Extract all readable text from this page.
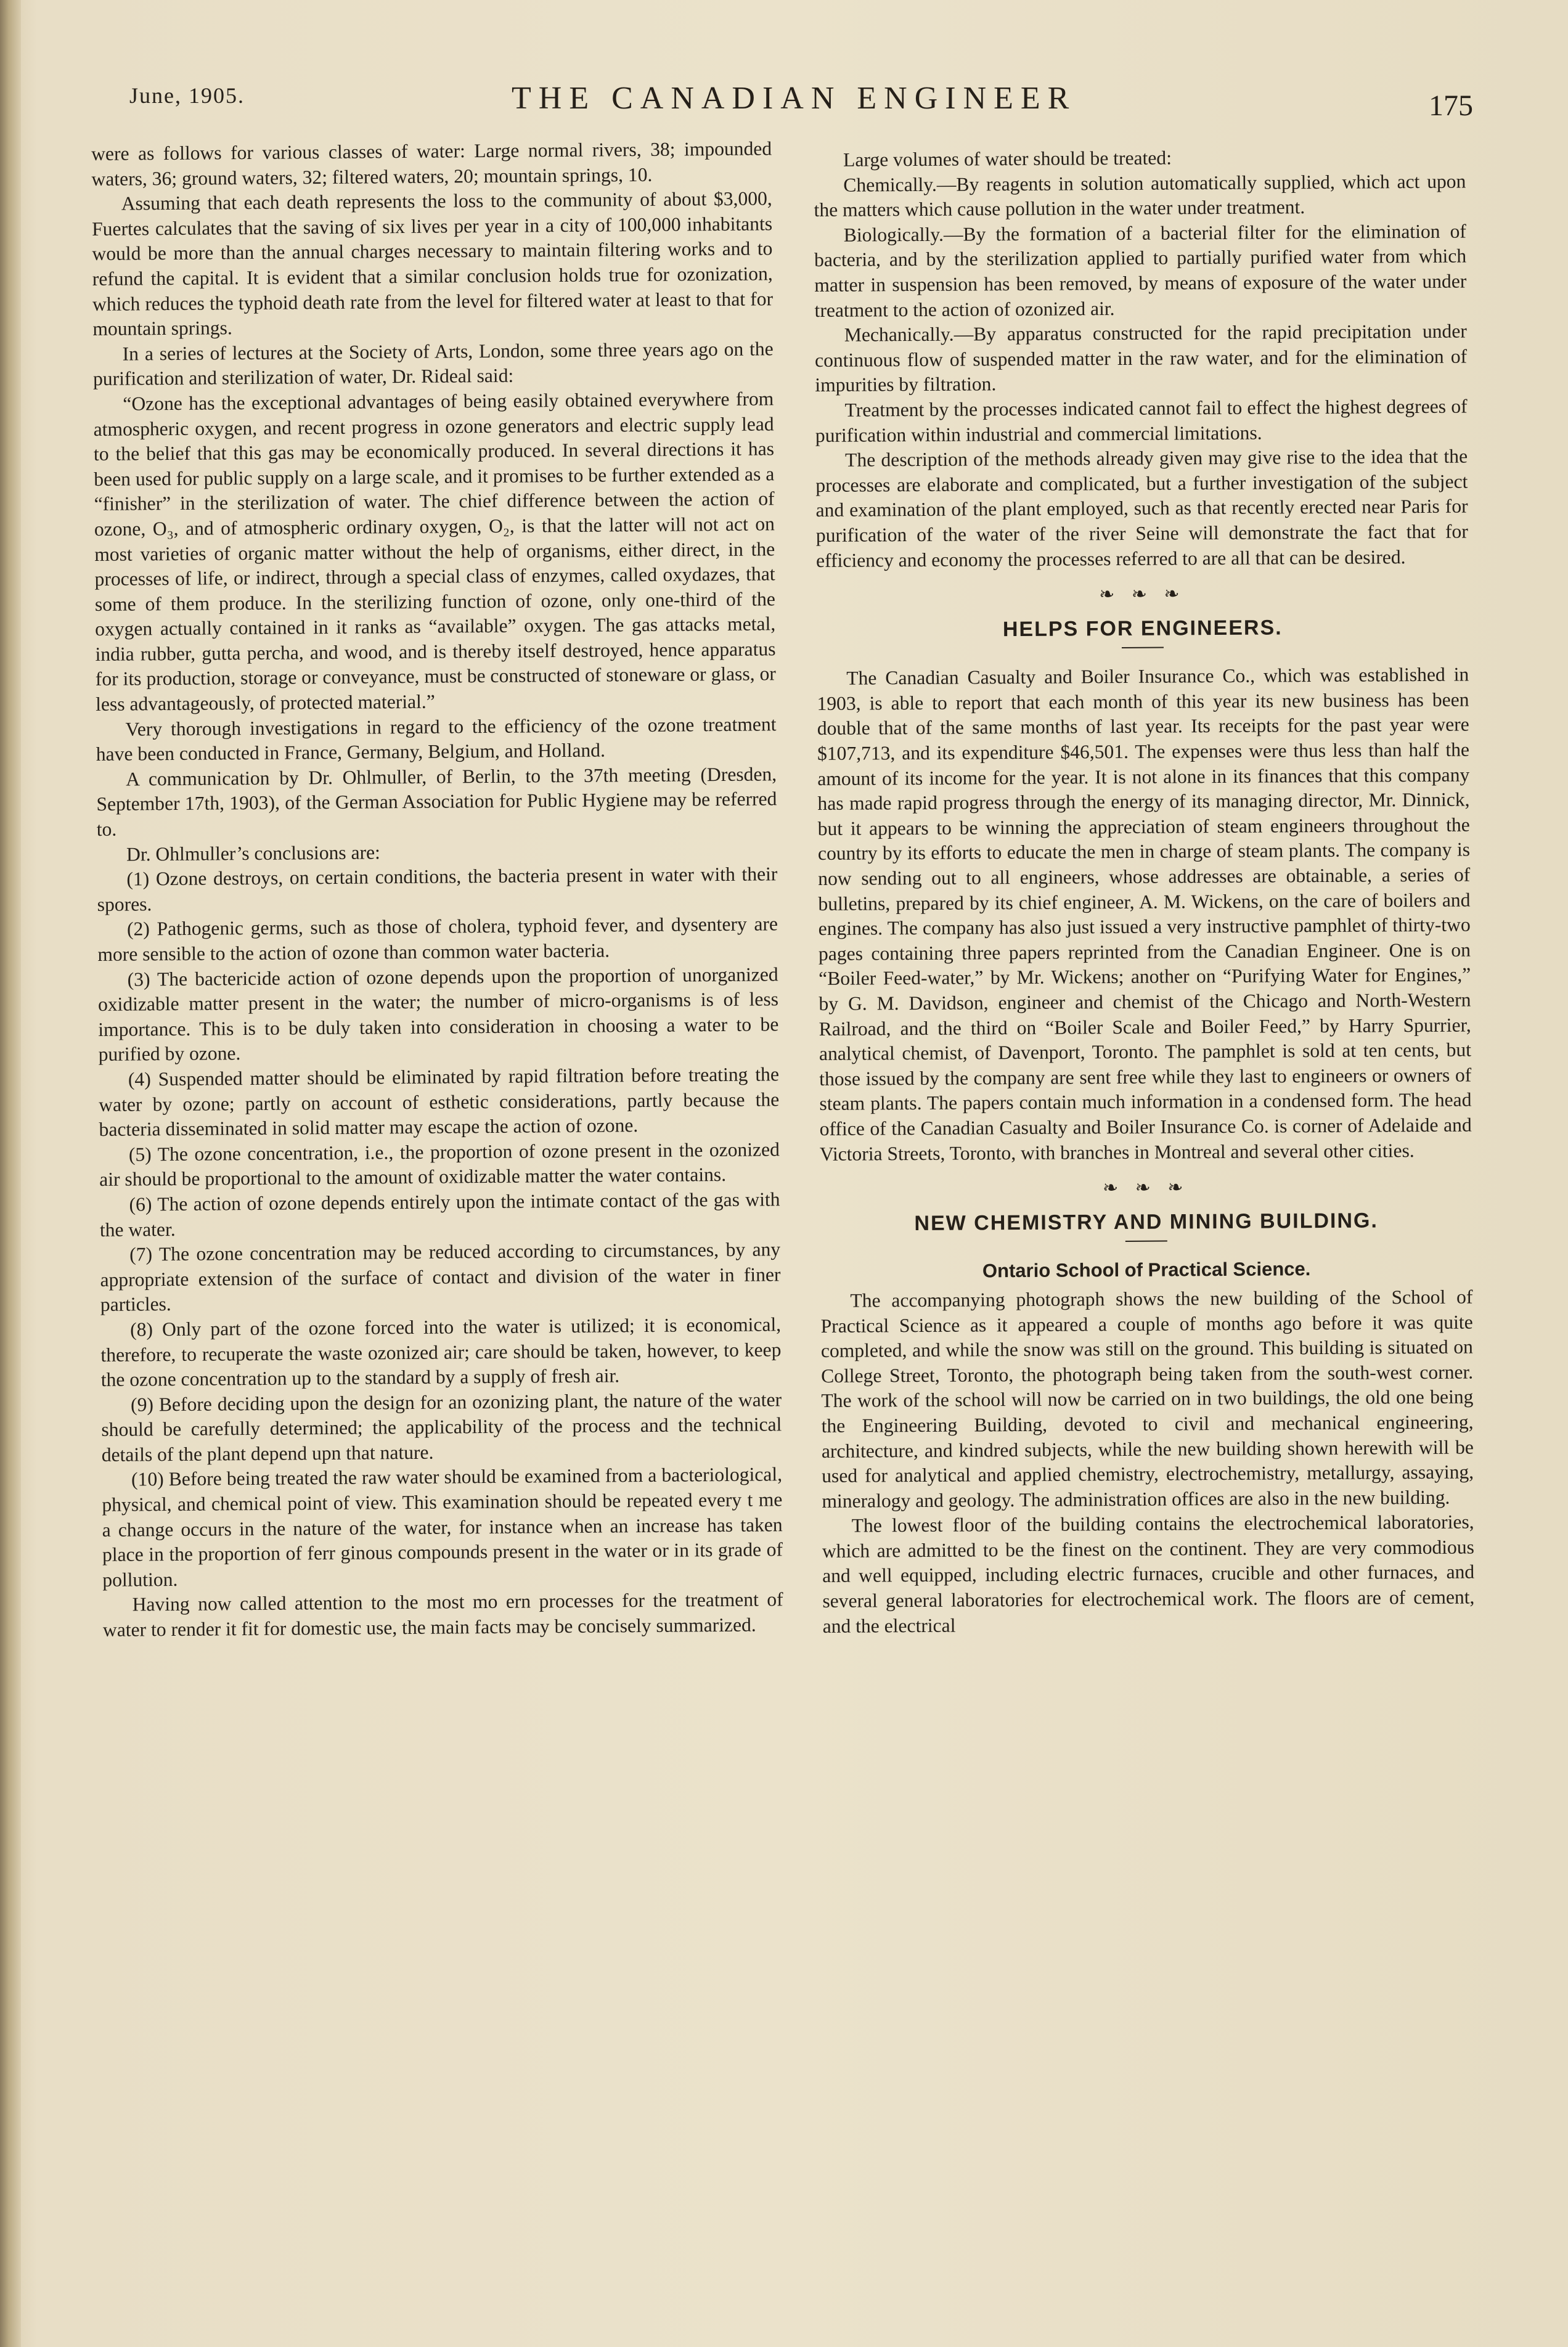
June, 1905.	THE CANADIAN ENGINEER	175

were as follows for various classes of water: Large normal rivers, 38; impounded waters, 36; ground waters, 32; filtered waters, 20; mountain springs, 10.

Assuming that each death represents the loss to the community of about $3,000, Fuertes calculates that the saving of six lives per year in a city of 100,000 inhabitants would be more than the annual charges necessary to maintain filtering works and to refund the capital. It is evident that a similar conclusion holds true for ozonization, which reduces the typhoid death rate from the level for filtered water at least to that for mountain springs.

In a series of lectures at the Society of Arts, London, some three years ago on the purification and sterilization of water, Dr. Rideal said:

“Ozone has the exceptional advantages of being easily obtained everywhere from atmospheric oxygen, and recent progress in ozone generators and electric supply lead to the belief that this gas may be economically produced. In several directions it has been used for public supply on a large scale, and it promises to be further extended as a “finisher” in the sterilization of water. The chief difference between the action of ozone, O₃, and of atmospheric ordinary oxygen, O₂, is that the latter will not act on most varieties of organic matter without the help of organisms, either direct, in the processes of life, or indirect, through a special class of enzymes, called oxydazes, that some of them produce. In the sterilizing function of ozone, only one-third of the oxygen actually contained in it ranks as “available” oxygen. The gas attacks metal, india rubber, gutta percha, and wood, and is thereby itself destroyed, hence apparatus for its production, storage or conveyance, must be constructed of stoneware or glass, or less advantageously, of protected material.”

Very thorough investigations in regard to the efficiency of the ozone treatment have been conducted in France, Germany, Belgium, and Holland.

A communication by Dr. Ohlmuller, of Berlin, to the 37th meeting (Dresden, September 17th, 1903), of the German Association for Public Hygiene may be referred to.

Dr. Ohlmuller’s conclusions are:

(1) Ozone destroys, on certain conditions, the bacteria present in water with their spores.

(2) Pathogenic germs, such as those of cholera, typhoid fever, and dysentery are more sensible to the action of ozone than common water bacteria.

(3) The bactericide action of ozone depends upon the proportion of unorganized oxidizable matter present in the water; the number of micro-organisms is of less importance. This is to be duly taken into consideration in choosing a water to be purified by ozone.

(4) Suspended matter should be eliminated by rapid filtration before treating the water by ozone; partly on account of esthetic considerations, partly because the bacteria disseminated in solid matter may escape the action of ozone.

(5) The ozone concentration, i.e., the proportion of ozone present in the ozonized air should be proportional to the amount of oxidizable matter the water contains.

(6) The action of ozone depends entirely upon the intimate contact of the gas with the water.

(7) The ozone concentration may be reduced according to circumstances, by any appropriate extension of the surface of contact and division of the water in finer particles.

(8) Only part of the ozone forced into the water is utilized; it is economical, therefore, to recuperate the waste ozonized air; care should be taken, however, to keep the ozone concentration up to the standard by a supply of fresh air.

(9) Before deciding upon the design for an ozonizing plant, the nature of the water should be carefully determined; the applicability of the process and the technical details of the plant depend upn that nature.

(10) Before being treated the raw water should be examined from a bacteriological, physical, and chemical point of view. This examination should be repeated every t me a change occurs in the nature of the water, for instance when an increase has taken place in the proportion of ferr ginous compounds present in the water or in its grade of pollution.

Having now called attention to the most mo ern processes for the treatment of water to render it fit for domestic use, the main facts may be concisely summarized.

Large volumes of water should be treated:

Chemically.—By reagents in solution automatically supplied, which act upon the matters which cause pollution in the water under treatment.

Biologically.—By the formation of a bacterial filter for the elimination of bacteria, and by the sterilization applied to partially purified water from which matter in suspension has been removed, by means of exposure of the water under treatment to the action of ozonized air.

Mechanically.—By apparatus constructed for the rapid precipitation under continuous flow of suspended matter in the raw water, and for the elimination of impurities by filtration.

Treatment by the processes indicated cannot fail to effect the highest degrees of purification within industrial and commercial limitations.

The description of the methods already given may give rise to the idea that the processes are elaborate and complicated, but a further investigation of the subject and examination of the plant employed, such as that recently erected near Paris for purification of the water of the river Seine will demonstrate the fact that for efficiency and economy the processes referred to are all that can be desired.

❧ ❧ ❧
HELPS FOR ENGINEERS.

The Canadian Casualty and Boiler Insurance Co., which was established in 1903, is able to report that each month of this year its new business has been double that of the same months of last year. Its receipts for the past year were $107,713, and its expenditure $46,501. The expenses were thus less than half the amount of its income for the year. It is not alone in its finances that this company has made rapid progress through the energy of its managing director, Mr. Dinnick, but it appears to be winning the appreciation of steam engineers throughout the country by its efforts to educate the men in charge of steam plants. The company is now sending out to all engineers, whose addresses are obtainable, a series of bulletins, prepared by its chief engineer, A. M. Wickens, on the care of boilers and engines. The company has also just issued a very instructive pamphlet of thirty-two pages containing three papers reprinted from the Canadian Engineer. One is on “Boiler Feed-water,” by Mr. Wickens; another on “Purifying Water for Engines,” by G. M. Davidson, engineer and chemist of the Chicago and North-Western Railroad, and the third on “Boiler Scale and Boiler Feed,” by Harry Spurrier, analytical chemist, of Davenport, Toronto. The pamphlet is sold at ten cents, but those issued by the company are sent free while they last to engineers or owners of steam plants. The papers contain much information in a condensed form. The head office of the Canadian Casualty and Boiler Insurance Co. is corner of Adelaide and Victoria Streets, Toronto, with branches in Montreal and several other cities.

❧ ❧ ❧
NEW CHEMISTRY AND MINING BUILDING.
Ontario School of Practical Science.

The accompanying photograph shows the new building of the School of Practical Science as it appeared a couple of months ago before it was quite completed, and while the snow was still on the ground. This building is situated on College Street, Toronto, the photograph being taken from the south-west corner. The work of the school will now be carried on in two buildings, the old one being the Engineering Building, devoted to civil and mechanical engineering, architecture, and kindred subjects, while the new building shown herewith will be used for analytical and applied chemistry, electrochemistry, metallurgy, assaying, mineralogy and geology. The administration offices are also in the new building.

The lowest floor of the building contains the electrochemical laboratories, which are admitted to be the finest on the continent. They are very commodious and well equipped, including electric furnaces, crucible and other furnaces, and several general laboratories for electrochemical work. The floors are of cement, and the electrical
